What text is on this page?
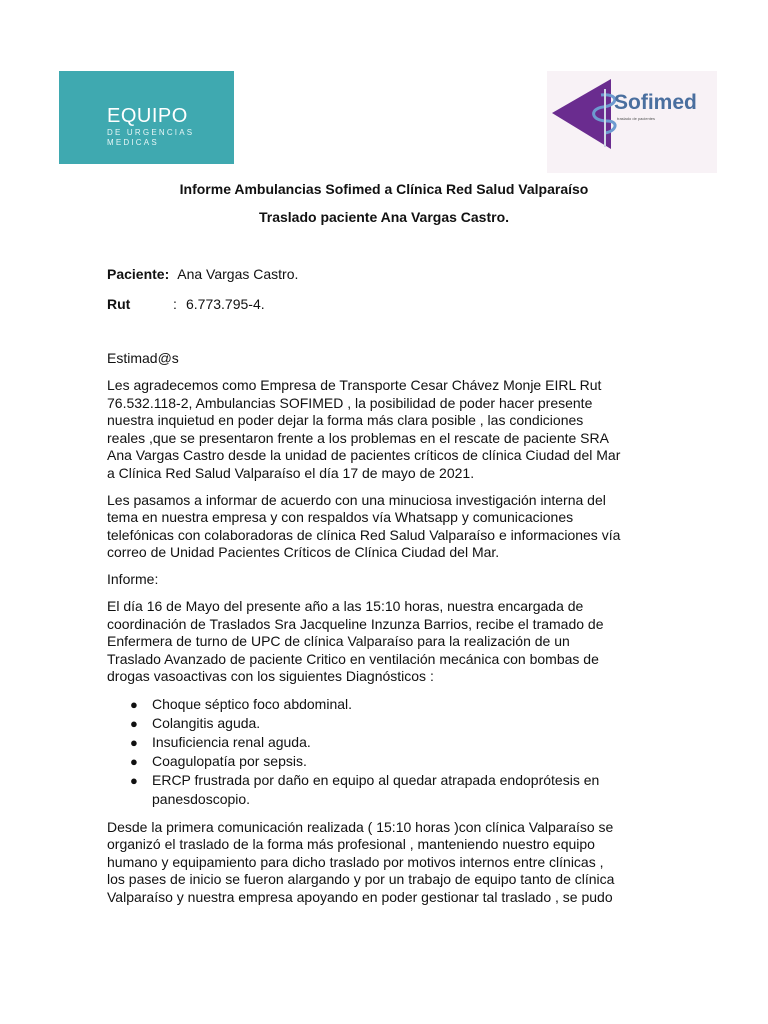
EQUIPO
DE URGENCIAS
MEDICAS
Sofimed
traslado de pacientes
Informe Ambulancias Sofimed a Clínica Red Salud Valparaíso
Traslado paciente Ana Vargas Castro.
Paciente: Ana Vargas Castro.
Rut	: 6.773.795-4.

Estimad@s

Les agradecemos como Empresa de Transporte Cesar Chávez Monje EIRL Rut
76.532.118-2, Ambulancias SOFIMED , la posibilidad de poder hacer presente
nuestra inquietud en poder dejar la forma más clara posible , las condiciones
reales ,que se presentaron frente a los problemas en el rescate de paciente SRA
Ana Vargas Castro desde la unidad de pacientes críticos de clínica Ciudad del Mar
a Clínica Red Salud Valparaíso el día 17 de mayo de 2021.

Les pasamos a informar de acuerdo con una minuciosa investigación interna del
tema en nuestra empresa y con respaldos vía Whatsapp y comunicaciones
telefónicas con colaboradoras de clínica Red Salud Valparaíso e informaciones vía
correo de Unidad Pacientes Críticos de Clínica Ciudad del Mar.

Informe:

El día 16 de Mayo del presente año a las 15:10 horas, nuestra encargada de
coordinación de Traslados Sra Jacqueline Inzunza Barrios, recibe el tramado de
Enfermera de turno de UPC de clínica Valparaíso para la realización de un
Traslado Avanzado de paciente Critico en ventilación mecánica con bombas de
drogas vasoactivas con los siguientes Diagnósticos :

● Choque séptico foco abdominal.
● Colangitis aguda.
● Insuficiencia renal aguda.
● Coagulopatía por sepsis.
● ERCP frustrada por daño en equipo al quedar atrapada endoprótesis en
panesdoscopio.

Desde la primera comunicación realizada ( 15:10 horas )con clínica Valparaíso se
organizó el traslado de la forma más profesional , manteniendo nuestro equipo
humano y equipamiento para dicho traslado por motivos internos entre clínicas ,
los pases de inicio se fueron alargando y por un trabajo de equipo tanto de clínica
Valparaíso y nuestra empresa apoyando en poder gestionar tal traslado , se pudo
